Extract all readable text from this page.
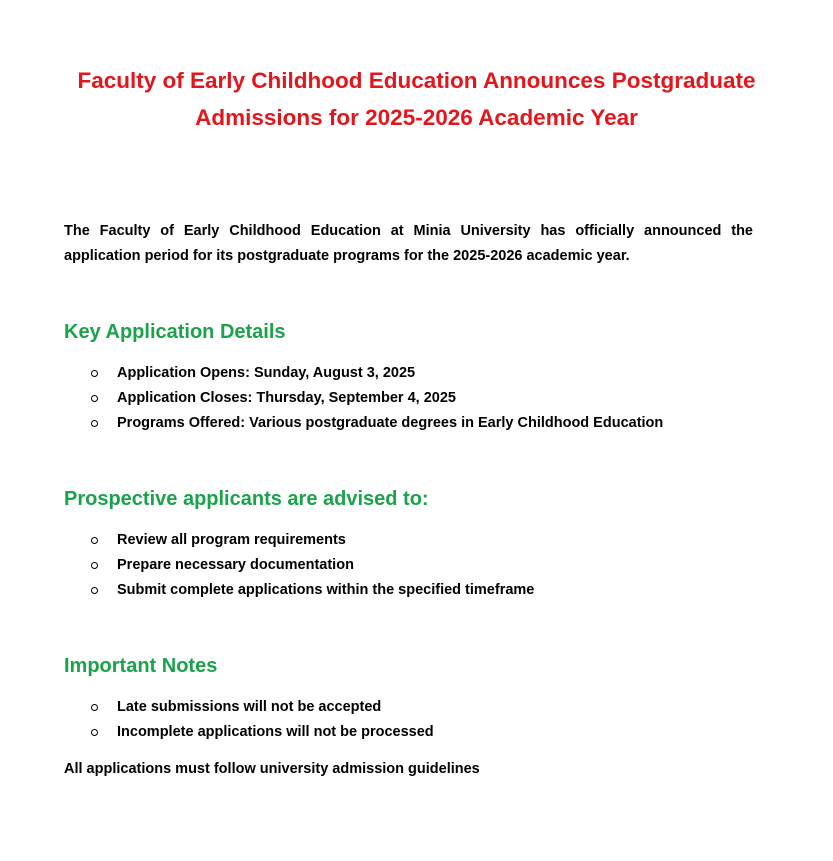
Faculty of Early Childhood Education Announces Postgraduate Admissions for 2025-2026 Academic Year
The Faculty of Early Childhood Education at Minia University has officially announced the application period for its postgraduate programs for the 2025-2026 academic year.
Key Application Details
Application Opens: Sunday, August 3, 2025
Application Closes: Thursday, September 4, 2025
Programs Offered: Various postgraduate degrees in Early Childhood Education
Prospective applicants are advised to:
Review all program requirements
Prepare necessary documentation
Submit complete applications within the specified timeframe
Important Notes
Late submissions will not be accepted
Incomplete applications will not be processed
All applications must follow university admission guidelines
